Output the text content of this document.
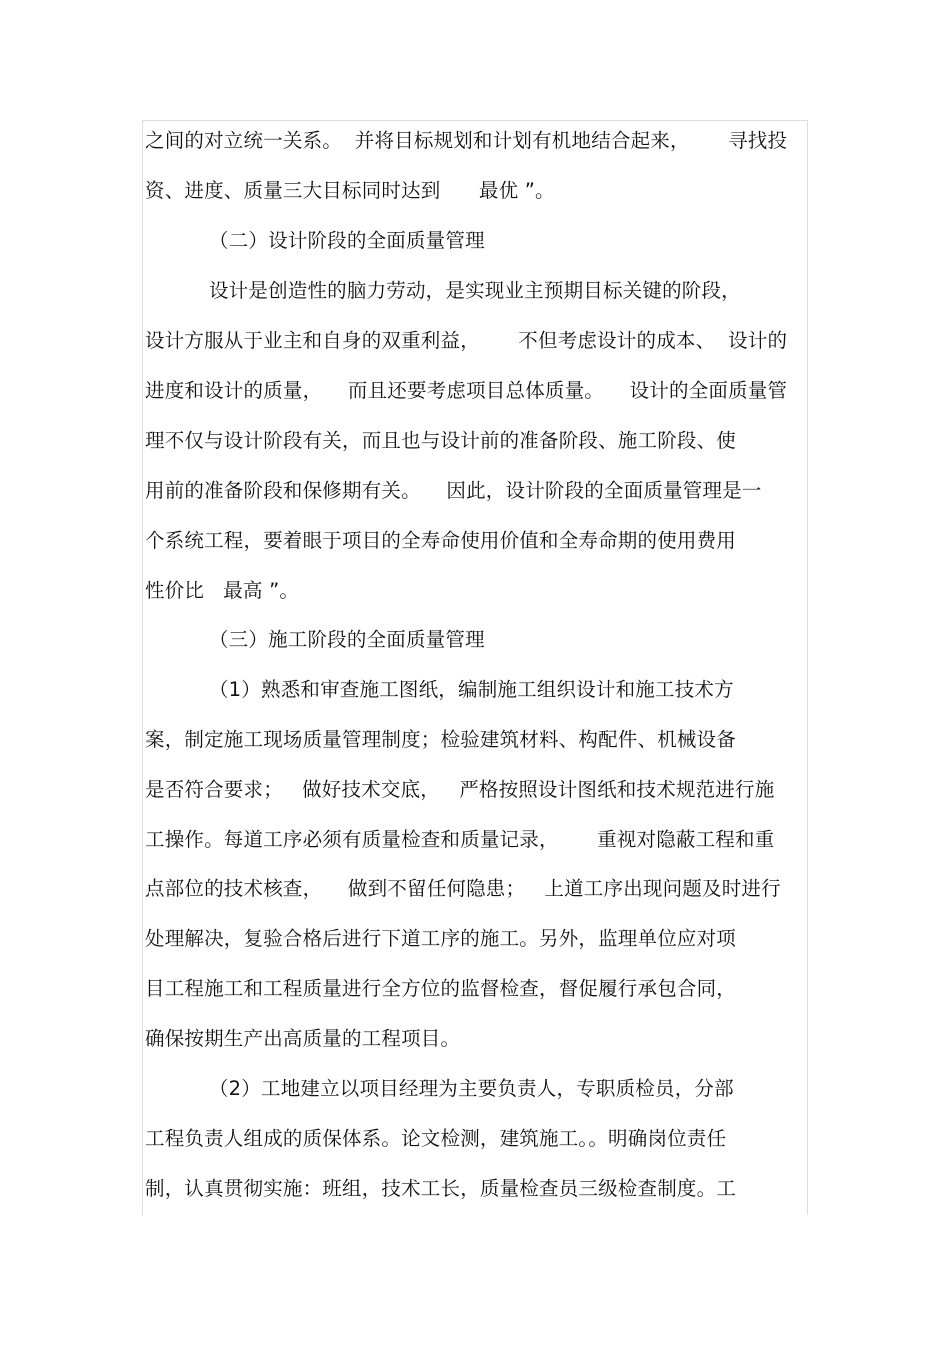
之间的对立统一关系。  并将目标规划和计划有机地结合起来，      寻找投
资、进度、质量三大目标同时达到      最优 ”。
（二）设计阶段的全面质量管理
设计是创造性的脑力劳动，是实现业主预期目标关键的阶段，
设计方服从于业主和自身的双重利益，      不但考虑设计的成本、  设计的
进度和设计的质量，    而且还要考虑项目总体质量。    设计的全面质量管
理不仅与设计阶段有关，而且也与设计前的准备阶段、施工阶段、使
用前的准备阶段和保修期有关。    因此，设计阶段的全面质量管理是一
个系统工程，要着眼于项目的全寿命使用价值和全寿命期的使用费用
性价比   最高 ”。
（三）施工阶段的全面质量管理
（1）熟悉和审查施工图纸，编制施工组织设计和施工技术方
案，制定施工现场质量管理制度；检验建筑材料、构配件、机械设备
是否符合要求；   做好技术交底，   严格按照设计图纸和技术规范进行施
工操作。每道工序必须有质量检查和质量记录，      重视对隐蔽工程和重
点部位的技术核查，    做到不留任何隐患；   上道工序出现问题及时进行
处理解决，复验合格后进行下道工序的施工。另外，监理单位应对项
目工程施工和工程质量进行全方位的监督检查，督促履行承包合同，
确保按期生产出高质量的工程项目。
（2）工地建立以项目经理为主要负责人，专职质检员，分部
工程负责人组成的质保体系。论文检测，建筑施工。。明确岗位责任
制，认真贯彻实施：班组，技术工长，质量检查员三级检查制度。工
